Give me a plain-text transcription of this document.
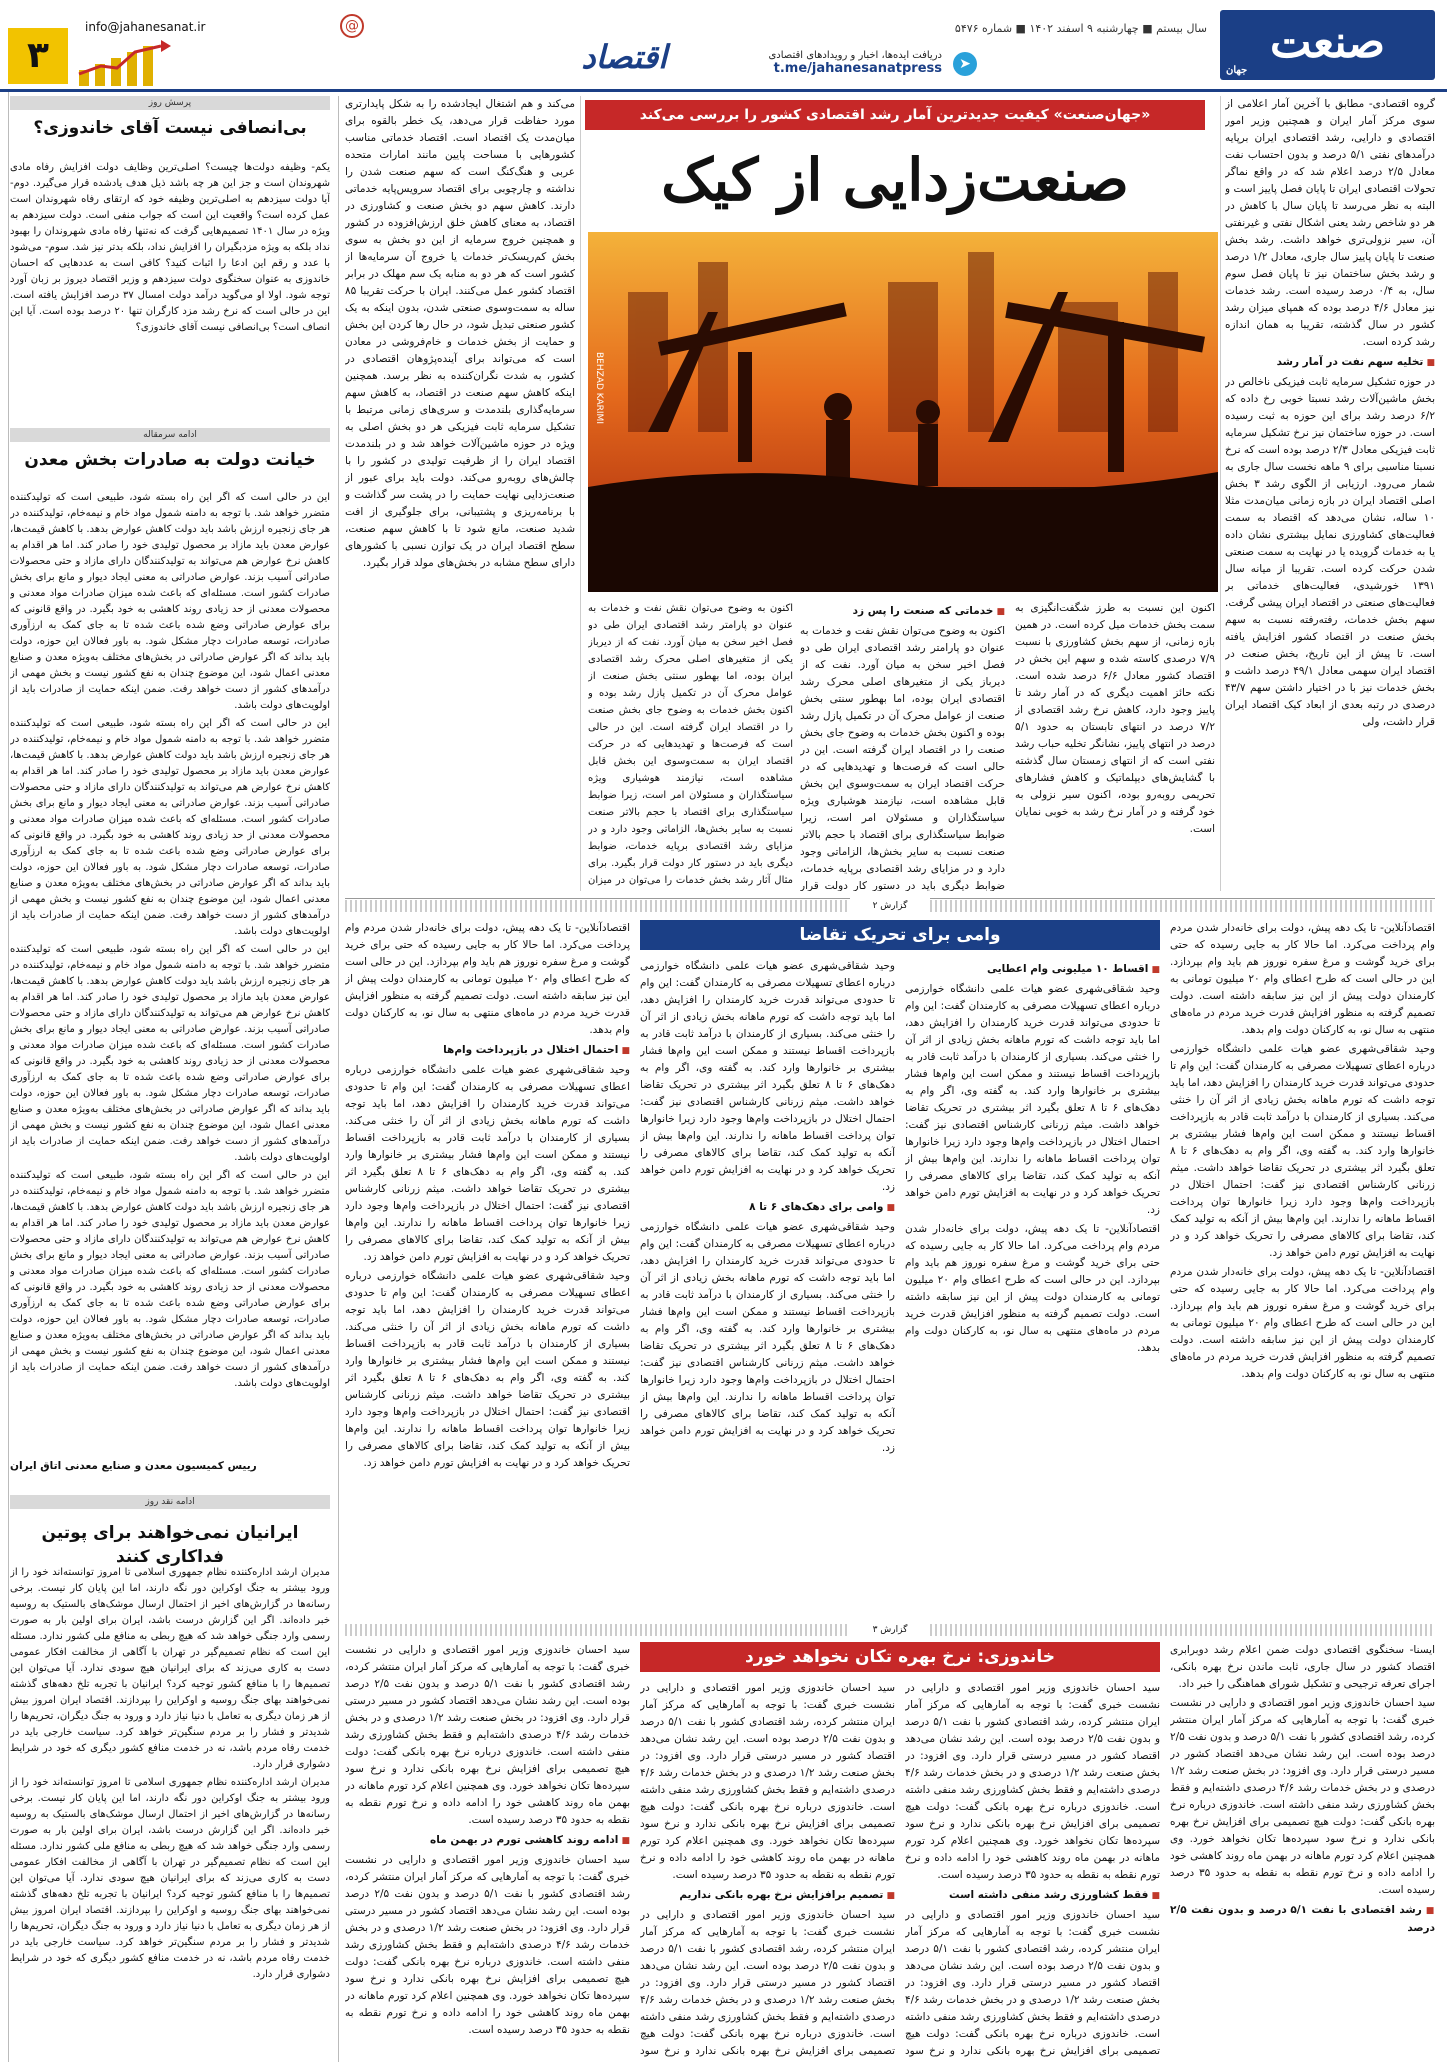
صنعت
جهان
سال بیستم ■ چهارشنبه ۹ اسفند ۱۴۰۲ ■ شماره ۵۴۷۶
➤
دریافت ایده‌ها، اخبار و رویدادهای اقتصادی
t.me/jahanesanatpress
اقتصاد
@
info@jahanesanat.ir
۳
«جهان‌صنعت» کیفیت جدیدترین آمار رشد اقتصادی کشور را بررسی می‌کند
صنعت‌زدایی از کیک
BEHZAD KARIMI

گروه اقتصادی- مطابق با آخرین آمار اعلامی از سوی مرکز آمار ایران و همچنین وزیر امور اقتصادی و دارایی، رشد اقتصادی ایران برپایه درآمدهای نفتی ۵/۱ درصد و بدون احتساب نفت معادل ۲/۵ درصد اعلام شد که در واقع نماگر تحولات اقتصادی ایران تا پایان فصل پاییز است و البته به نظر می‌رسد تا پایان سال با کاهش در هر دو شاخص رشد یعنی اشکال نفتی و غیرنفتی آن، سیر نزولی‌تری خواهد داشت. رشد بخش صنعت تا پایان پاییز سال جاری، معادل ۱/۲ درصد و رشد بخش ساختمان نیز تا پایان فصل سوم سال، به ۰/۴ درصد رسیده است. رشد خدمات نیز معادل ۴/۶ درصد بوده که همپای میزان رشد کشور در سال گذشته، تقریبا به همان اندازه رشد کرده است.

■ تخلیه سهم نفت در آمار رشد

در حوزه تشکیل سرمایه ثابت فیزیکی ناخالص در بخش ماشین‌آلات رشد نسبتا خوبی رخ داده که ۶/۲ درصد رشد برای این حوزه به ثبت رسیده است. در حوزه ساختمان نیز نرخ تشکیل سرمایه ثابت فیزیکی معادل ۲/۳ درصد بوده است که نرخ نسبتا مناسبی برای ۹ ماهه نخست سال جاری به شمار می‌رود. ارزیابی از الگوی رشد ۳ بخش اصلی اقتصاد ایران در بازه زمانی میان‌مدت مثلا ۱۰ ساله، نشان می‌دهد که اقتصاد به سمت فعالیت‌های کشاورزی نمایل بیشتری نشان داده یا به خدمات گرویده یا در نهایت به سمت صنعتی شدن حرکت کرده است. تقریبا از میانه سال ۱۳۹۱ خورشیدی، فعالیت‌های خدماتی بر فعالیت‌های صنعتی در اقتصاد ایران پیشی گرفت. سهم بخش خدمات، رفته‌رفته نسبت به سهم بخش صنعت در اقتصاد کشور افزایش یافته است. تا پیش از این تاریخ، بخش صنعت در اقتصاد ایران سهمی معادل ۴۹/۱ درصد داشت و بخش خدمات نیز با در اختیار داشتن سهم ۴۳/۷ درصدی در رتبه بعدی از ابعاد کیک اقتصاد ایران قرار داشت، ولی

اکنون این نسبت به طرز شگفت‌انگیزی به سمت بخش خدمات میل کرده است. در همین بازه زمانی، از سهم بخش کشاورزی با نسبت ۷/۹ درصدی کاسته شده و سهم این بخش در اقتصاد کشور معادل ۶/۶ درصد شده است. نکته حائز اهمیت دیگری که در آمار رشد تا پاییز وجود دارد، کاهش نرخ رشد اقتصادی از ۷/۲ درصد در انتهای تابستان به حدود ۵/۱ درصد در انتهای پاییز، نشانگر تخلیه حباب رشد نفتی است که از انتهای زمستان سال گذشته با گشایش‌های دیپلماتیک و کاهش فشارهای تحریمی روبه‌رو بوده، اکنون سیر نزولی به خود گرفته و در آمار نرخ رشد به خوبی نمایان است.

■ خدماتی که صنعت را پس زد

اکنون به وضوح می‌توان نقش نفت و خدمات به عنوان دو پارامتر رشد اقتصادی ایران طی دو فصل اخیر سخن به میان آورد. نفت که از دیرباز یکی از متغیرهای اصلی محرک رشد اقتصادی ایران بوده، اما بهطور سنتی بخش صنعت از عوامل محرک آن در تکمیل پازل رشد بوده و اکنون بخش خدمات به وضوح جای بخش صنعت را در اقتصاد ایران گرفته است. این در حالی است که فرصت‌ها و تهدیدهایی که در حرکت اقتصاد ایران به سمت‌وسوی این بخش قابل مشاهده است، نیازمند هوشیاری ویژه سیاستگذاران و مسئولان امر است، زیرا ضوابط سیاستگذاری برای اقتصاد با حجم بالاتر صنعت نسبت به سایر بخش‌ها، الزاماتی وجود دارد و در مزایای رشد اقتصادی برپایه خدمات، ضوابط دیگری باید در دستور کار دولت قرار

اکنون به وضوح می‌توان نقش نفت و خدمات به عنوان دو پارامتر رشد اقتصادی ایران طی دو فصل اخیر سخن به میان آورد. نفت که از دیرباز یکی از متغیرهای اصلی محرک رشد اقتصادی ایران بوده، اما بهطور سنتی بخش صنعت از عوامل محرک آن در تکمیل پازل رشد بوده و اکنون بخش خدمات به وضوح جای بخش صنعت را در اقتصاد ایران گرفته است. این در حالی است که فرصت‌ها و تهدیدهایی که در حرکت اقتصاد ایران به سمت‌وسوی این بخش قابل مشاهده است، نیازمند هوشیاری ویژه سیاستگذاران و مسئولان امر است، زیرا ضوابط سیاستگذاری برای اقتصاد با حجم بالاتر صنعت نسبت به سایر بخش‌ها، الزاماتی وجود دارد و در مزایای رشد اقتصادی برپایه خدمات، ضوابط دیگری باید در دستور کار دولت قرار بگیرد. برای مثال آثار رشد بخش خدمات را می‌توان در میزان

می‌کند و هم اشتغال ایجادشده را به شکل پایدارتری مورد حفاظت قرار می‌دهد، یک خطر بالقوه برای میان‌مدت یک اقتصاد است. اقتصاد خدماتی مناسب کشورهایی با مساحت پایین مانند امارات متحده عربی و هنگ‌کنگ است که سهم صنعت شدن را نداشته و چارچوبی برای اقتصاد سرویس‌پایه خدماتی دارند. کاهش سهم دو بخش صنعت و کشاورزی در اقتصاد، به معنای کاهش خلق ارزش‌افزوده در کشور و همچنین خروج سرمایه از این دو بخش به سوی بخش کم‌ریسک‌تر خدمات یا خروج آن سرمایه‌ها از کشور است که هر دو به منابه یک سم مهلک در برابر اقتصاد کشور عمل می‌کنند. ایران با حرکت تقریبا ۸۵ ساله به سمت‌وسوی صنعتی شدن، بدون اینکه به یک کشور صنعتی تبدیل شود، در حال رها کردن این بخش و حمایت از بخش خدمات و خام‌فروشی در معادن است که می‌تواند برای آینده‌پژوهان اقتصادی در کشور، به شدت نگران‌کننده به نظر برسد. همچنین اینکه کاهش سهم صنعت در اقتصاد، به کاهش سهم سرمایه‌گذاری بلندمدت و سری‌های زمانی مرتبط با تشکیل سرمایه ثابت فیزیکی هر دو بخش اصلی به ویژه در حوزه ماشین‌آلات خواهد شد و در بلندمدت اقتصاد ایران را از ظرفیت تولیدی در کشور را با چالش‌های روبه‌رو می‌کند. دولت باید برای عبور از صنعت‌زدایی نهایت حمایت را در پشت سر گذاشت و با برنامه‌ریزی و پشتیبانی، برای جلوگیری از افت شدید صنعت، مانع شود تا با کاهش سهم صنعت، سطح اقتصاد ایران در یک توازن نسبی با کشورهای دارای سطح مشابه در بخش‌های مولد قرار بگیرد.

پرسش روز
بی‌انصافی نیست آقای خاندوزی؟
یکم- وظیفه دولت‌ها چیست؟ اصلی‌ترین وظایف دولت افزایش رفاه مادی شهروندان است و جز این هر چه باشد ذیل هدف یادشده قرار می‌گیرد. دوم- آیا دولت سیزدهم به اصلی‌ترین وظیفه خود که ارتقای رفاه شهروندان است عمل کرده است؟ واقعیت این است که جواب منفی است. دولت سیزدهم به ویژه در سال ۱۴۰۱ تصمیم‌هایی گرفت که نه‌تنها رفاه مادی شهروندان را بهبود نداد بلکه به ویژه مزدبگیران را افزایش نداد، بلکه بدتر نیز شد. سوم- می‌شود با عدد و رقم این ادعا را اثبات کنید؟ کافی است به عددهایی که احسان خاندوزی به عنوان سخنگوی دولت سیزدهم و وزیر اقتصاد دیروز بر زبان آورد توجه شود. اولا او می‌گوید درآمد دولت امسال ۳۷ درصد افزایش یافته است. این در حالی است که نرخ رشد مزد کارگران تنها ۲۰ درصد بوده است. آیا این انصاف است؟ بی‌انصافی نیست آقای خاندوزی؟
ادامه سرمقاله
خیانت دولت به صادرات بخش معدن

این در حالی است که اگر این راه بسته شود، طبیعی است که تولیدکننده متضرر خواهد شد. با توجه به دامنه شمول مواد خام و نیمه‌خام، تولیدکننده در هر جای زنجیره ارزش باشد باید دولت کاهش عوارض بدهد. با کاهش قیمت‌ها، عوارض معدن باید مازاد بر محصول تولیدی خود را صادر کند. اما هر اقدام به کاهش نرخ عوارض هم می‌تواند به تولیدکنندگان دارای مازاد و حتی محصولات صادراتی آسیب بزند. عوارض صادراتی به معنی ایجاد دیوار و مانع برای بخش صادرات کشور است. مسئله‌ای که باعث شده میزان صادرات مواد معدنی و محصولات معدنی از حد زیادی روند کاهشی به خود بگیرد. در واقع قانونی که برای عوارض صادراتی وضع شده باعث شده تا به جای کمک به ارزآوری صادرات، توسعه صادرات دچار مشکل شود. به باور فعالان این حوزه، دولت باید بداند که اگر عوارض صادراتی در بخش‌های مختلف به‌ویژه معدن و صنایع معدنی اعمال شود، این موضوع چندان به نفع کشور نیست و بخش مهمی از درآمدهای کشور از دست خواهد رفت. ضمن اینکه حمایت از صادرات باید از اولویت‌های دولت باشد.

این در حالی است که اگر این راه بسته شود، طبیعی است که تولیدکننده متضرر خواهد شد. با توجه به دامنه شمول مواد خام و نیمه‌خام، تولیدکننده در هر جای زنجیره ارزش باشد باید دولت کاهش عوارض بدهد. با کاهش قیمت‌ها، عوارض معدن باید مازاد بر محصول تولیدی خود را صادر کند. اما هر اقدام به کاهش نرخ عوارض هم می‌تواند به تولیدکنندگان دارای مازاد و حتی محصولات صادراتی آسیب بزند. عوارض صادراتی به معنی ایجاد دیوار و مانع برای بخش صادرات کشور است. مسئله‌ای که باعث شده میزان صادرات مواد معدنی و محصولات معدنی از حد زیادی روند کاهشی به خود بگیرد. در واقع قانونی که برای عوارض صادراتی وضع شده باعث شده تا به جای کمک به ارزآوری صادرات، توسعه صادرات دچار مشکل شود. به باور فعالان این حوزه، دولت باید بداند که اگر عوارض صادراتی در بخش‌های مختلف به‌ویژه معدن و صنایع معدنی اعمال شود، این موضوع چندان به نفع کشور نیست و بخش مهمی از درآمدهای کشور از دست خواهد رفت. ضمن اینکه حمایت از صادرات باید از اولویت‌های دولت باشد.

این در حالی است که اگر این راه بسته شود، طبیعی است که تولیدکننده متضرر خواهد شد. با توجه به دامنه شمول مواد خام و نیمه‌خام، تولیدکننده در هر جای زنجیره ارزش باشد باید دولت کاهش عوارض بدهد. با کاهش قیمت‌ها، عوارض معدن باید مازاد بر محصول تولیدی خود را صادر کند. اما هر اقدام به کاهش نرخ عوارض هم می‌تواند به تولیدکنندگان دارای مازاد و حتی محصولات صادراتی آسیب بزند. عوارض صادراتی به معنی ایجاد دیوار و مانع برای بخش صادرات کشور است. مسئله‌ای که باعث شده میزان صادرات مواد معدنی و محصولات معدنی از حد زیادی روند کاهشی به خود بگیرد. در واقع قانونی که برای عوارض صادراتی وضع شده باعث شده تا به جای کمک به ارزآوری صادرات، توسعه صادرات دچار مشکل شود. به باور فعالان این حوزه، دولت باید بداند که اگر عوارض صادراتی در بخش‌های مختلف به‌ویژه معدن و صنایع معدنی اعمال شود، این موضوع چندان به نفع کشور نیست و بخش مهمی از درآمدهای کشور از دست خواهد رفت. ضمن اینکه حمایت از صادرات باید از اولویت‌های دولت باشد.

این در حالی است که اگر این راه بسته شود، طبیعی است که تولیدکننده متضرر خواهد شد. با توجه به دامنه شمول مواد خام و نیمه‌خام، تولیدکننده در هر جای زنجیره ارزش باشد باید دولت کاهش عوارض بدهد. با کاهش قیمت‌ها، عوارض معدن باید مازاد بر محصول تولیدی خود را صادر کند. اما هر اقدام به کاهش نرخ عوارض هم می‌تواند به تولیدکنندگان دارای مازاد و حتی محصولات صادراتی آسیب بزند. عوارض صادراتی به معنی ایجاد دیوار و مانع برای بخش صادرات کشور است. مسئله‌ای که باعث شده میزان صادرات مواد معدنی و محصولات معدنی از حد زیادی روند کاهشی به خود بگیرد. در واقع قانونی که برای عوارض صادراتی وضع شده باعث شده تا به جای کمک به ارزآوری صادرات، توسعه صادرات دچار مشکل شود. به باور فعالان این حوزه، دولت باید بداند که اگر عوارض صادراتی در بخش‌های مختلف به‌ویژه معدن و صنایع معدنی اعمال شود، این موضوع چندان به نفع کشور نیست و بخش مهمی از درآمدهای کشور از دست خواهد رفت. ضمن اینکه حمایت از صادرات باید از اولویت‌های دولت باشد.

رییس کمیسیون معدن و صنایع معدنی اتاق ایران
ادامه نقد روز
ایرانیان نمی‌خواهند برای پوتین فداکاری کنند

مدیران ارشد اداره‌کننده نظام جمهوری اسلامی تا امروز توانسته‌اند خود را از ورود بیشتر به جنگ اوکراین دور نگه دارند، اما این پایان کار نیست. برخی رسانه‌ها در گزارش‌های اخیر از احتمال ارسال موشک‌های بالستیک به روسیه خبر داده‌اند. اگر این گزارش درست باشد، ایران برای اولین بار به صورت رسمی وارد جنگی خواهد شد که هیچ ربطی به منافع ملی کشور ندارد. مسئله این است که نظام تصمیم‌گیر در تهران با آگاهی از مخالفت افکار عمومی دست به کاری می‌زند که برای ایرانیان هیچ سودی ندارد. آیا می‌توان این تصمیم‌ها را با منافع کشور توجیه کرد؟ ایرانیان با تجربه تلخ دهه‌های گذشته نمی‌خواهند بهای جنگ روسیه و اوکراین را بپردازند. اقتصاد ایران امروز بیش از هر زمان دیگری به تعامل با دنیا نیاز دارد و ورود به جنگ دیگران، تحریم‌ها را شدیدتر و فشار را بر مردم سنگین‌تر خواهد کرد. سیاست خارجی باید در خدمت رفاه مردم باشد، نه در خدمت منافع کشور دیگری که خود در شرایط دشواری قرار دارد.

مدیران ارشد اداره‌کننده نظام جمهوری اسلامی تا امروز توانسته‌اند خود را از ورود بیشتر به جنگ اوکراین دور نگه دارند، اما این پایان کار نیست. برخی رسانه‌ها در گزارش‌های اخیر از احتمال ارسال موشک‌های بالستیک به روسیه خبر داده‌اند. اگر این گزارش درست باشد، ایران برای اولین بار به صورت رسمی وارد جنگی خواهد شد که هیچ ربطی به منافع ملی کشور ندارد. مسئله این است که نظام تصمیم‌گیر در تهران با آگاهی از مخالفت افکار عمومی دست به کاری می‌زند که برای ایرانیان هیچ سودی ندارد. آیا می‌توان این تصمیم‌ها را با منافع کشور توجیه کرد؟ ایرانیان با تجربه تلخ دهه‌های گذشته نمی‌خواهند بهای جنگ روسیه و اوکراین را بپردازند. اقتصاد ایران امروز بیش از هر زمان دیگری به تعامل با دنیا نیاز دارد و ورود به جنگ دیگران، تحریم‌ها را شدیدتر و فشار را بر مردم سنگین‌تر خواهد کرد. سیاست خارجی باید در خدمت رفاه مردم باشد، نه در خدمت منافع کشور دیگری که خود در شرایط دشواری قرار دارد.

گزارش ۲
وامی برای تحریک تقاضا	اقتصادآنلاین- تا یک دهه پیش، دولت برای خانه‌دار شدن مردم وام پرداخت می‌کرد. اما حالا کار به جایی رسیده که حتی برای خرید گوشت و مرغ سفره نوروز هم باید وام بپردازد. این در حالی است که طرح اعطای وام ۲۰ میلیون تومانی به کارمندان دولت پیش از این نیز سابقه داشته است. دولت تصمیم گرفته به منظور افزایش قدرت خرید مردم در ماه‌های منتهی به سال نو، به کارکنان دولت وام بدهد.

وحید شقاقی‌شهری عضو هیات علمی دانشگاه خوارزمی درباره اعطای تسهیلات مصرفی به کارمندان گفت: این وام تا حدودی می‌تواند قدرت خرید کارمندان را افزایش دهد، اما باید توجه داشت که تورم ماهانه بخش زیادی از اثر آن را خنثی می‌کند. بسیاری از کارمندان با درآمد ثابت قادر به بازپرداخت اقساط نیستند و ممکن است این وام‌ها فشار بیشتری بر خانوارها وارد کند. به گفته وی، اگر وام به دهک‌های ۶ تا ۸ تعلق بگیرد اثر بیشتری در تحریک تقاضا خواهد داشت. میثم زرنانی کارشناس اقتصادی نیز گفت: احتمال اختلال در بازپرداخت وام‌ها وجود دارد زیرا خانوارها توان پرداخت اقساط ماهانه را ندارند. این وام‌ها بیش از آنکه به تولید کمک کند، تقاضا برای کالاهای مصرفی را تحریک خواهد کرد و در نهایت به افزایش تورم دامن خواهد زد.

اقتصادآنلاین- تا یک دهه پیش، دولت برای خانه‌دار شدن مردم وام پرداخت می‌کرد. اما حالا کار به جایی رسیده که حتی برای خرید گوشت و مرغ سفره نوروز هم باید وام بپردازد. این در حالی است که طرح اعطای وام ۲۰ میلیون تومانی به کارمندان دولت پیش از این نیز سابقه داشته است. دولت تصمیم گرفته به منظور افزایش قدرت خرید مردم در ماه‌های منتهی به سال نو، به کارکنان دولت وام بدهد.

■ اقساط ۱۰ میلیونی وام اعطایی

وحید شقاقی‌شهری عضو هیات علمی دانشگاه خوارزمی درباره اعطای تسهیلات مصرفی به کارمندان گفت: این وام تا حدودی می‌تواند قدرت خرید کارمندان را افزایش دهد، اما باید توجه داشت که تورم ماهانه بخش زیادی از اثر آن را خنثی می‌کند. بسیاری از کارمندان با درآمد ثابت قادر به بازپرداخت اقساط نیستند و ممکن است این وام‌ها فشار بیشتری بر خانوارها وارد کند. به گفته وی، اگر وام به دهک‌های ۶ تا ۸ تعلق بگیرد اثر بیشتری در تحریک تقاضا خواهد داشت. میثم زرنانی کارشناس اقتصادی نیز گفت: احتمال اختلال در بازپرداخت وام‌ها وجود دارد زیرا خانوارها توان پرداخت اقساط ماهانه را ندارند. این وام‌ها بیش از آنکه به تولید کمک کند، تقاضا برای کالاهای مصرفی را تحریک خواهد کرد و در نهایت به افزایش تورم دامن خواهد زد.

اقتصادآنلاین- تا یک دهه پیش، دولت برای خانه‌دار شدن مردم وام پرداخت می‌کرد. اما حالا کار به جایی رسیده که حتی برای خرید گوشت و مرغ سفره نوروز هم باید وام بپردازد. این در حالی است که طرح اعطای وام ۲۰ میلیون تومانی به کارمندان دولت پیش از این نیز سابقه داشته است. دولت تصمیم گرفته به منظور افزایش قدرت خرید مردم در ماه‌های منتهی به سال نو، به کارکنان دولت وام بدهد.

وحید شقاقی‌شهری عضو هیات علمی دانشگاه خوارزمی درباره اعطای تسهیلات مصرفی به کارمندان گفت: این وام تا حدودی می‌تواند قدرت خرید کارمندان را افزایش دهد، اما باید توجه داشت که تورم ماهانه بخش زیادی از اثر آن را خنثی می‌کند. بسیاری از کارمندان با درآمد ثابت قادر به بازپرداخت اقساط نیستند و ممکن است این وام‌ها فشار بیشتری بر خانوارها وارد کند. به گفته وی، اگر وام به دهک‌های ۶ تا ۸ تعلق بگیرد اثر بیشتری در تحریک تقاضا خواهد داشت. میثم زرنانی کارشناس اقتصادی نیز گفت: احتمال اختلال در بازپرداخت وام‌ها وجود دارد زیرا خانوارها توان پرداخت اقساط ماهانه را ندارند. این وام‌ها بیش از آنکه به تولید کمک کند، تقاضا برای کالاهای مصرفی را تحریک خواهد کرد و در نهایت به افزایش تورم دامن خواهد زد.

■ وامی برای دهک‌های ۶ تا ۸

وحید شقاقی‌شهری عضو هیات علمی دانشگاه خوارزمی درباره اعطای تسهیلات مصرفی به کارمندان گفت: این وام تا حدودی می‌تواند قدرت خرید کارمندان را افزایش دهد، اما باید توجه داشت که تورم ماهانه بخش زیادی از اثر آن را خنثی می‌کند. بسیاری از کارمندان با درآمد ثابت قادر به بازپرداخت اقساط نیستند و ممکن است این وام‌ها فشار بیشتری بر خانوارها وارد کند. به گفته وی، اگر وام به دهک‌های ۶ تا ۸ تعلق بگیرد اثر بیشتری در تحریک تقاضا خواهد داشت. میثم زرنانی کارشناس اقتصادی نیز گفت: احتمال اختلال در بازپرداخت وام‌ها وجود دارد زیرا خانوارها توان پرداخت اقساط ماهانه را ندارند. این وام‌ها بیش از آنکه به تولید کمک کند، تقاضا برای کالاهای مصرفی را تحریک خواهد کرد و در نهایت به افزایش تورم دامن خواهد زد.

اقتصادآنلاین- تا یک دهه پیش، دولت برای خانه‌دار شدن مردم وام پرداخت می‌کرد. اما حالا کار به جایی رسیده که حتی برای خرید گوشت و مرغ سفره نوروز هم باید وام بپردازد. این در حالی است که طرح اعطای وام ۲۰ میلیون تومانی به کارمندان دولت پیش از این نیز سابقه داشته است. دولت تصمیم گرفته به منظور افزایش قدرت خرید مردم در ماه‌های منتهی به سال نو، به کارکنان دولت وام بدهد.

■ احتمال اختلال در بازپرداخت وام‌ها

وحید شقاقی‌شهری عضو هیات علمی دانشگاه خوارزمی درباره اعطای تسهیلات مصرفی به کارمندان گفت: این وام تا حدودی می‌تواند قدرت خرید کارمندان را افزایش دهد، اما باید توجه داشت که تورم ماهانه بخش زیادی از اثر آن را خنثی می‌کند. بسیاری از کارمندان با درآمد ثابت قادر به بازپرداخت اقساط نیستند و ممکن است این وام‌ها فشار بیشتری بر خانوارها وارد کند. به گفته وی، اگر وام به دهک‌های ۶ تا ۸ تعلق بگیرد اثر بیشتری در تحریک تقاضا خواهد داشت. میثم زرنانی کارشناس اقتصادی نیز گفت: احتمال اختلال در بازپرداخت وام‌ها وجود دارد زیرا خانوارها توان پرداخت اقساط ماهانه را ندارند. این وام‌ها بیش از آنکه به تولید کمک کند، تقاضا برای کالاهای مصرفی را تحریک خواهد کرد و در نهایت به افزایش تورم دامن خواهد زد.

وحید شقاقی‌شهری عضو هیات علمی دانشگاه خوارزمی درباره اعطای تسهیلات مصرفی به کارمندان گفت: این وام تا حدودی می‌تواند قدرت خرید کارمندان را افزایش دهد، اما باید توجه داشت که تورم ماهانه بخش زیادی از اثر آن را خنثی می‌کند. بسیاری از کارمندان با درآمد ثابت قادر به بازپرداخت اقساط نیستند و ممکن است این وام‌ها فشار بیشتری بر خانوارها وارد کند. به گفته وی، اگر وام به دهک‌های ۶ تا ۸ تعلق بگیرد اثر بیشتری در تحریک تقاضا خواهد داشت. میثم زرنانی کارشناس اقتصادی نیز گفت: احتمال اختلال در بازپرداخت وام‌ها وجود دارد زیرا خانوارها توان پرداخت اقساط ماهانه را ندارند. این وام‌ها بیش از آنکه به تولید کمک کند، تقاضا برای کالاهای مصرفی را تحریک خواهد کرد و در نهایت به افزایش تورم دامن خواهد زد.

گزارش ۳
خاندوزی: نرخ بهره تکان نخواهد خورد	ایسنا- سخنگوی اقتصادی دولت ضمن اعلام رشد دوبرابری اقتصاد کشور در سال جاری، ثابت ماندن نرخ بهره بانکی، اجرای تعرفه ترجیحی و تشکیل شورای هماهنگی را خبر داد.

سید احسان خاندوزی وزیر امور اقتصادی و دارایی در نشست خبری گفت: با توجه به آمارهایی که مرکز آمار ایران منتشر کرده، رشد اقتصادی کشور با نفت ۵/۱ درصد و بدون نفت ۲/۵ درصد بوده است. این رشد نشان می‌دهد اقتصاد کشور در مسیر درستی قرار دارد. وی افزود: در بخش صنعت رشد ۱/۲ درصدی و در بخش خدمات رشد ۴/۶ درصدی داشته‌ایم و فقط بخش کشاورزی رشد منفی داشته است. خاندوزی درباره نرخ بهره بانکی گفت: دولت هیچ تصمیمی برای افزایش نرخ بهره بانکی ندارد و نرخ سود سپرده‌ها تکان نخواهد خورد. وی همچنین اعلام کرد تورم ماهانه در بهمن ماه روند کاهشی خود را ادامه داده و نرخ تورم نقطه به نقطه به حدود ۳۵ درصد رسیده است.

■ رشد اقتصادی با نفت ۵/۱ درصد و بدون نفت ۲/۵ درصد

سید احسان خاندوزی وزیر امور اقتصادی و دارایی در نشست خبری گفت: با توجه به آمارهایی که مرکز آمار ایران منتشر کرده، رشد اقتصادی کشور با نفت ۵/۱ درصد و بدون نفت ۲/۵ درصد بوده است. این رشد نشان می‌دهد اقتصاد کشور در مسیر درستی قرار دارد. وی افزود: در بخش صنعت رشد ۱/۲ درصدی و در بخش خدمات رشد ۴/۶ درصدی داشته‌ایم و فقط بخش کشاورزی رشد منفی داشته است. خاندوزی درباره نرخ بهره بانکی گفت: دولت هیچ تصمیمی برای افزایش نرخ بهره بانکی ندارد و نرخ سود سپرده‌ها تکان نخواهد خورد. وی همچنین اعلام کرد تورم ماهانه در بهمن ماه روند کاهشی خود را ادامه داده و نرخ تورم نقطه به نقطه به حدود ۳۵ درصد رسیده است.

■ فقط کشاورزی رشد منفی داشته است

سید احسان خاندوزی وزیر امور اقتصادی و دارایی در نشست خبری گفت: با توجه به آمارهایی که مرکز آمار ایران منتشر کرده، رشد اقتصادی کشور با نفت ۵/۱ درصد و بدون نفت ۲/۵ درصد بوده است. این رشد نشان می‌دهد اقتصاد کشور در مسیر درستی قرار دارد. وی افزود: در بخش صنعت رشد ۱/۲ درصدی و در بخش خدمات رشد ۴/۶ درصدی داشته‌ایم و فقط بخش کشاورزی رشد منفی داشته است. خاندوزی درباره نرخ بهره بانکی گفت: دولت هیچ تصمیمی برای افزایش نرخ بهره بانکی ندارد و نرخ سود

سید احسان خاندوزی وزیر امور اقتصادی و دارایی در نشست خبری گفت: با توجه به آمارهایی که مرکز آمار ایران منتشر کرده، رشد اقتصادی کشور با نفت ۵/۱ درصد و بدون نفت ۲/۵ درصد بوده است. این رشد نشان می‌دهد اقتصاد کشور در مسیر درستی قرار دارد. وی افزود: در بخش صنعت رشد ۱/۲ درصدی و در بخش خدمات رشد ۴/۶ درصدی داشته‌ایم و فقط بخش کشاورزی رشد منفی داشته است. خاندوزی درباره نرخ بهره بانکی گفت: دولت هیچ تصمیمی برای افزایش نرخ بهره بانکی ندارد و نرخ سود سپرده‌ها تکان نخواهد خورد. وی همچنین اعلام کرد تورم ماهانه در بهمن ماه روند کاهشی خود را ادامه داده و نرخ تورم نقطه به نقطه به حدود ۳۵ درصد رسیده است.

■ تصمیم برافزایش نرخ بهره بانکی نداریم

سید احسان خاندوزی وزیر امور اقتصادی و دارایی در نشست خبری گفت: با توجه به آمارهایی که مرکز آمار ایران منتشر کرده، رشد اقتصادی کشور با نفت ۵/۱ درصد و بدون نفت ۲/۵ درصد بوده است. این رشد نشان می‌دهد اقتصاد کشور در مسیر درستی قرار دارد. وی افزود: در بخش صنعت رشد ۱/۲ درصدی و در بخش خدمات رشد ۴/۶ درصدی داشته‌ایم و فقط بخش کشاورزی رشد منفی داشته است. خاندوزی درباره نرخ بهره بانکی گفت: دولت هیچ تصمیمی برای افزایش نرخ بهره بانکی ندارد و نرخ سود

سید احسان خاندوزی وزیر امور اقتصادی و دارایی در نشست خبری گفت: با توجه به آمارهایی که مرکز آمار ایران منتشر کرده، رشد اقتصادی کشور با نفت ۵/۱ درصد و بدون نفت ۲/۵ درصد بوده است. این رشد نشان می‌دهد اقتصاد کشور در مسیر درستی قرار دارد. وی افزود: در بخش صنعت رشد ۱/۲ درصدی و در بخش خدمات رشد ۴/۶ درصدی داشته‌ایم و فقط بخش کشاورزی رشد منفی داشته است. خاندوزی درباره نرخ بهره بانکی گفت: دولت هیچ تصمیمی برای افزایش نرخ بهره بانکی ندارد و نرخ سود سپرده‌ها تکان نخواهد خورد. وی همچنین اعلام کرد تورم ماهانه در بهمن ماه روند کاهشی خود را ادامه داده و نرخ تورم نقطه به نقطه به حدود ۳۵ درصد رسیده است.

■ ادامه روند کاهشی تورم در بهمن ماه

سید احسان خاندوزی وزیر امور اقتصادی و دارایی در نشست خبری گفت: با توجه به آمارهایی که مرکز آمار ایران منتشر کرده، رشد اقتصادی کشور با نفت ۵/۱ درصد و بدون نفت ۲/۵ درصد بوده است. این رشد نشان می‌دهد اقتصاد کشور در مسیر درستی قرار دارد. وی افزود: در بخش صنعت رشد ۱/۲ درصدی و در بخش خدمات رشد ۴/۶ درصدی داشته‌ایم و فقط بخش کشاورزی رشد منفی داشته است. خاندوزی درباره نرخ بهره بانکی گفت: دولت هیچ تصمیمی برای افزایش نرخ بهره بانکی ندارد و نرخ سود سپرده‌ها تکان نخواهد خورد. وی همچنین اعلام کرد تورم ماهانه در بهمن ماه روند کاهشی خود را ادامه داده و نرخ تورم نقطه به نقطه به حدود ۳۵ درصد رسیده است.
